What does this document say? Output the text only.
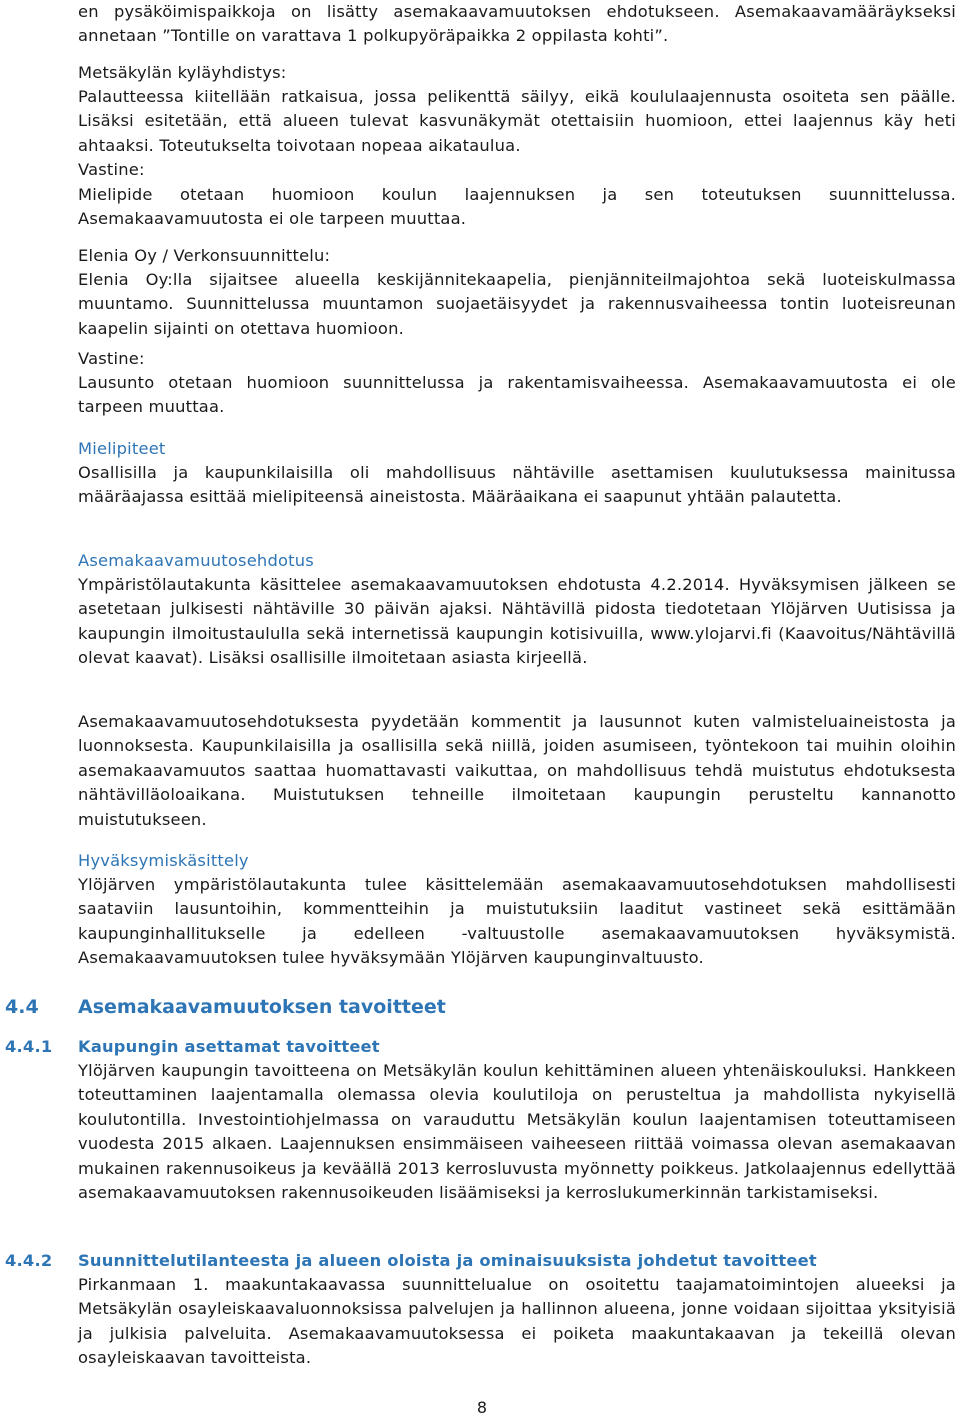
en pysäköimispaikkoja on lisätty asemakaavamuutoksen ehdotukseen. Asemakaavamääräykseksi annetaan ”Tontille on varattava 1 polkupyöräpaikka 2 oppilasta kohti”.

Metsäkylän kyläyhdistys:

Palautteessa kiitellään ratkaisua, jossa pelikenttä säilyy, eikä koululaajennusta osoiteta sen päälle. Lisäksi esitetään, että alueen tulevat kasvunäkymät otettaisiin huomioon, ettei laajennus käy heti ahtaaksi. Toteutukselta toivotaan nopeaa aikataulua.

Vastine:

Mielipide otetaan huomioon koulun laajennuksen ja sen toteutuksen suunnittelussa. Asemakaavamuutosta ei ole tarpeen muuttaa.

Elenia Oy / Verkonsuunnittelu:

Elenia Oy:lla sijaitsee alueella keskijännitekaapelia, pienjänniteilmajohtoa sekä luoteiskulmassa muuntamo. Suunnittelussa muuntamon suojaetäisyydet ja rakennusvaiheessa tontin luoteisreunan kaapelin sijainti on otettava huomioon.

Vastine:

Lausunto otetaan huomioon suunnittelussa ja rakentamisvaiheessa. Asemakaavamuutosta ei ole tarpeen muuttaa.

Mielipiteet

Osallisilla ja kaupunkilaisilla oli mahdollisuus nähtäville asettamisen kuulutuksessa mainitussa määräajassa esittää mielipiteensä aineistosta. Määräaikana ei saapunut yhtään palautetta.

Asemakaavamuutosehdotus

Ympäristölautakunta käsittelee asemakaavamuutoksen ehdotusta 4.2.2014. Hyväksymisen jälkeen se asetetaan julkisesti nähtäville 30 päivän ajaksi. Nähtävillä pidosta tiedotetaan Ylöjärven Uutisissa ja kaupungin ilmoitustaululla sekä internetissä kaupungin kotisivuilla, www.ylojarvi.fi (Kaavoitus/Nähtävillä olevat kaavat). Lisäksi osallisille ilmoitetaan asiasta kirjeellä.

Asemakaavamuutosehdotuksesta pyydetään kommentit ja lausunnot kuten valmisteluaineistosta ja luonnoksesta. Kaupunkilaisilla ja osallisilla sekä niillä, joiden asumiseen, työntekoon tai muihin oloihin asemakaavamuutos saattaa huomattavasti vaikuttaa, on mahdollisuus tehdä muistutus ehdotuksesta nähtävilläoloaikana. Muistutuksen tehneille ilmoitetaan kaupungin perusteltu kannanotto muistutukseen.

Hyväksymiskäsittely

Ylöjärven ympäristölautakunta tulee käsittelemään asemakaavamuutosehdotuksen mahdollisesti saataviin lausuntoihin, kommentteihin ja muistutuksiin laaditut vastineet sekä esittämään kaupunginhallitukselle ja edelleen -valtuustolle asemakaavamuutoksen hyväksymistä. Asemakaavamuutoksen tulee hyväksymään Ylöjärven kaupunginvaltuusto.

4.4 Asemakaavamuutoksen tavoitteet
4.4.1 Kaupungin asettamat tavoitteet

Ylöjärven kaupungin tavoitteena on Metsäkylän koulun kehittäminen alueen yhtenäiskouluksi. Hankkeen toteuttaminen laajentamalla olemassa olevia koulutiloja on perusteltua ja mahdollista nykyisellä koulutontilla. Investointiohjelmassa on varauduttu Metsäkylän koulun laajentamisen toteuttamiseen vuodesta 2015 alkaen. Laajennuksen ensimmäiseen vaiheeseen riittää voimassa olevan asemakaavan mukainen rakennusoikeus ja keväällä 2013 kerrosluvusta myönnetty poikkeus. Jatkolaajennus edellyttää asemakaavamuutoksen rakennusoikeuden lisäämiseksi ja kerroslukumerkinnän tarkistamiseksi.

4.4.2 Suunnittelutilanteesta ja alueen oloista ja ominaisuuksista johdetut tavoitteet

Pirkanmaan 1. maakuntakaavassa suunnittelualue on osoitettu taajamatoimintojen alueeksi ja Metsäkylän osayleiskaavaluonnoksissa palvelujen ja hallinnon alueena, jonne voidaan sijoittaa yksityisiä ja julkisia palveluita. Asemakaavamuutoksessa ei poiketa maakuntakaavan ja tekeillä olevan osayleiskaavan tavoitteista.

8
